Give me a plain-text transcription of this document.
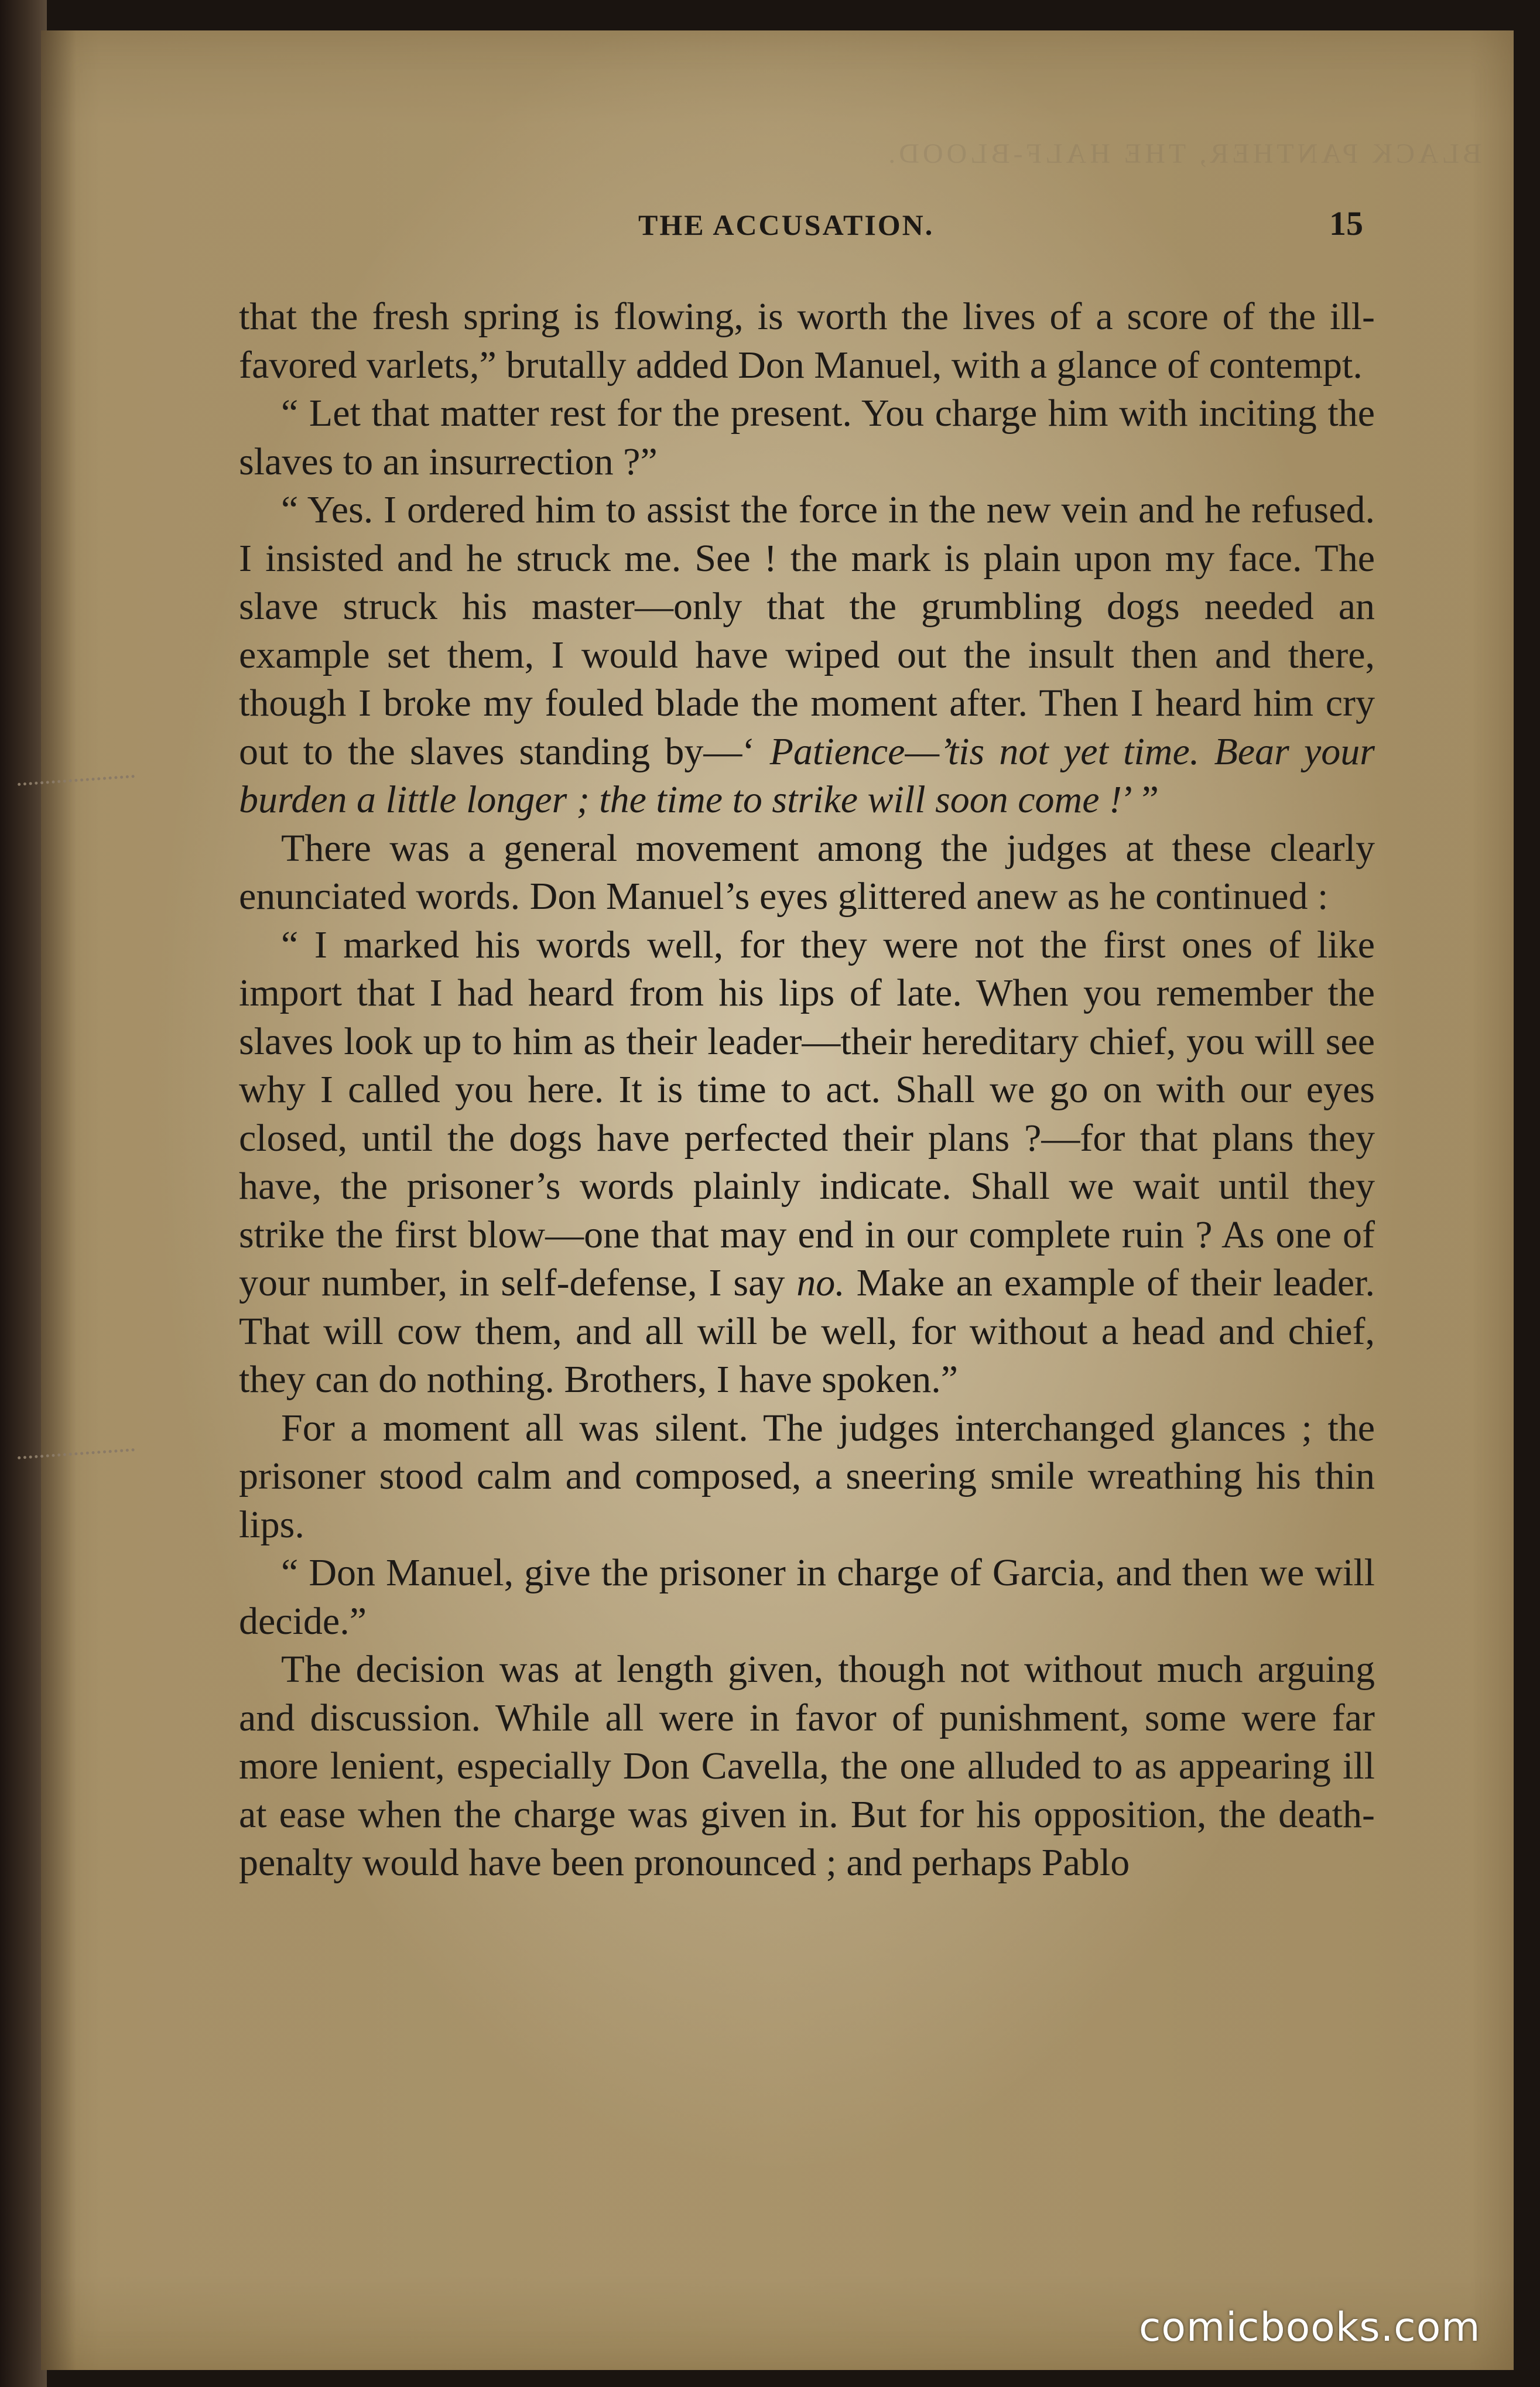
BLACK PANTHER, THE HALF-BLOOD.
THE ACCUSATION.	15

that the fresh spring is flowing, is worth the lives of a score of the ill-favored varlets,” brutally added Don Manuel, with a glance of contempt.

“ Let that matter rest for the present. You charge him with inciting the slaves to an insurrection ?”

“ Yes. I ordered him to assist the force in the new vein and he refused. I insisted and he struck me. See ! the mark is plain upon my face. The slave struck his master—only that the grumbling dogs needed an example set them, I would have wiped out the insult then and there, though I broke my fouled blade the moment after. Then I heard him cry out to the slaves standing by—‘ Patience—’tis not yet time. Bear your burden a little longer ; the time to strike will soon come !’ ”

There was a general movement among the judges at these clearly enunciated words. Don Manuel’s eyes glittered anew as he continued :

“ I marked his words well, for they were not the first ones of like import that I had heard from his lips of late. When you remember the slaves look up to him as their leader—their hereditary chief, you will see why I called you here. It is time to act. Shall we go on with our eyes closed, until the dogs have perfected their plans ?—for that plans they have, the prisoner’s words plainly indicate. Shall we wait until they strike the first blow—one that may end in our complete ruin ? As one of your number, in self-defense, I say no. Make an example of their leader. That will cow them, and all will be well, for without a head and chief, they can do nothing. Brothers, I have spoken.”

For a moment all was silent. The judges interchanged glances ; the prisoner stood calm and composed, a sneering smile wreathing his thin lips.

“ Don Manuel, give the prisoner in charge of Garcia, and then we will decide.”

The decision was at length given, though not without much arguing and discussion. While all were in favor of punishment, some were far more lenient, especially Don Cavella, the one alluded to as appearing ill at ease when the charge was given in. But for his opposition, the death-penalty would have been pronounced ; and perhaps Pablo

comicbooks.com
